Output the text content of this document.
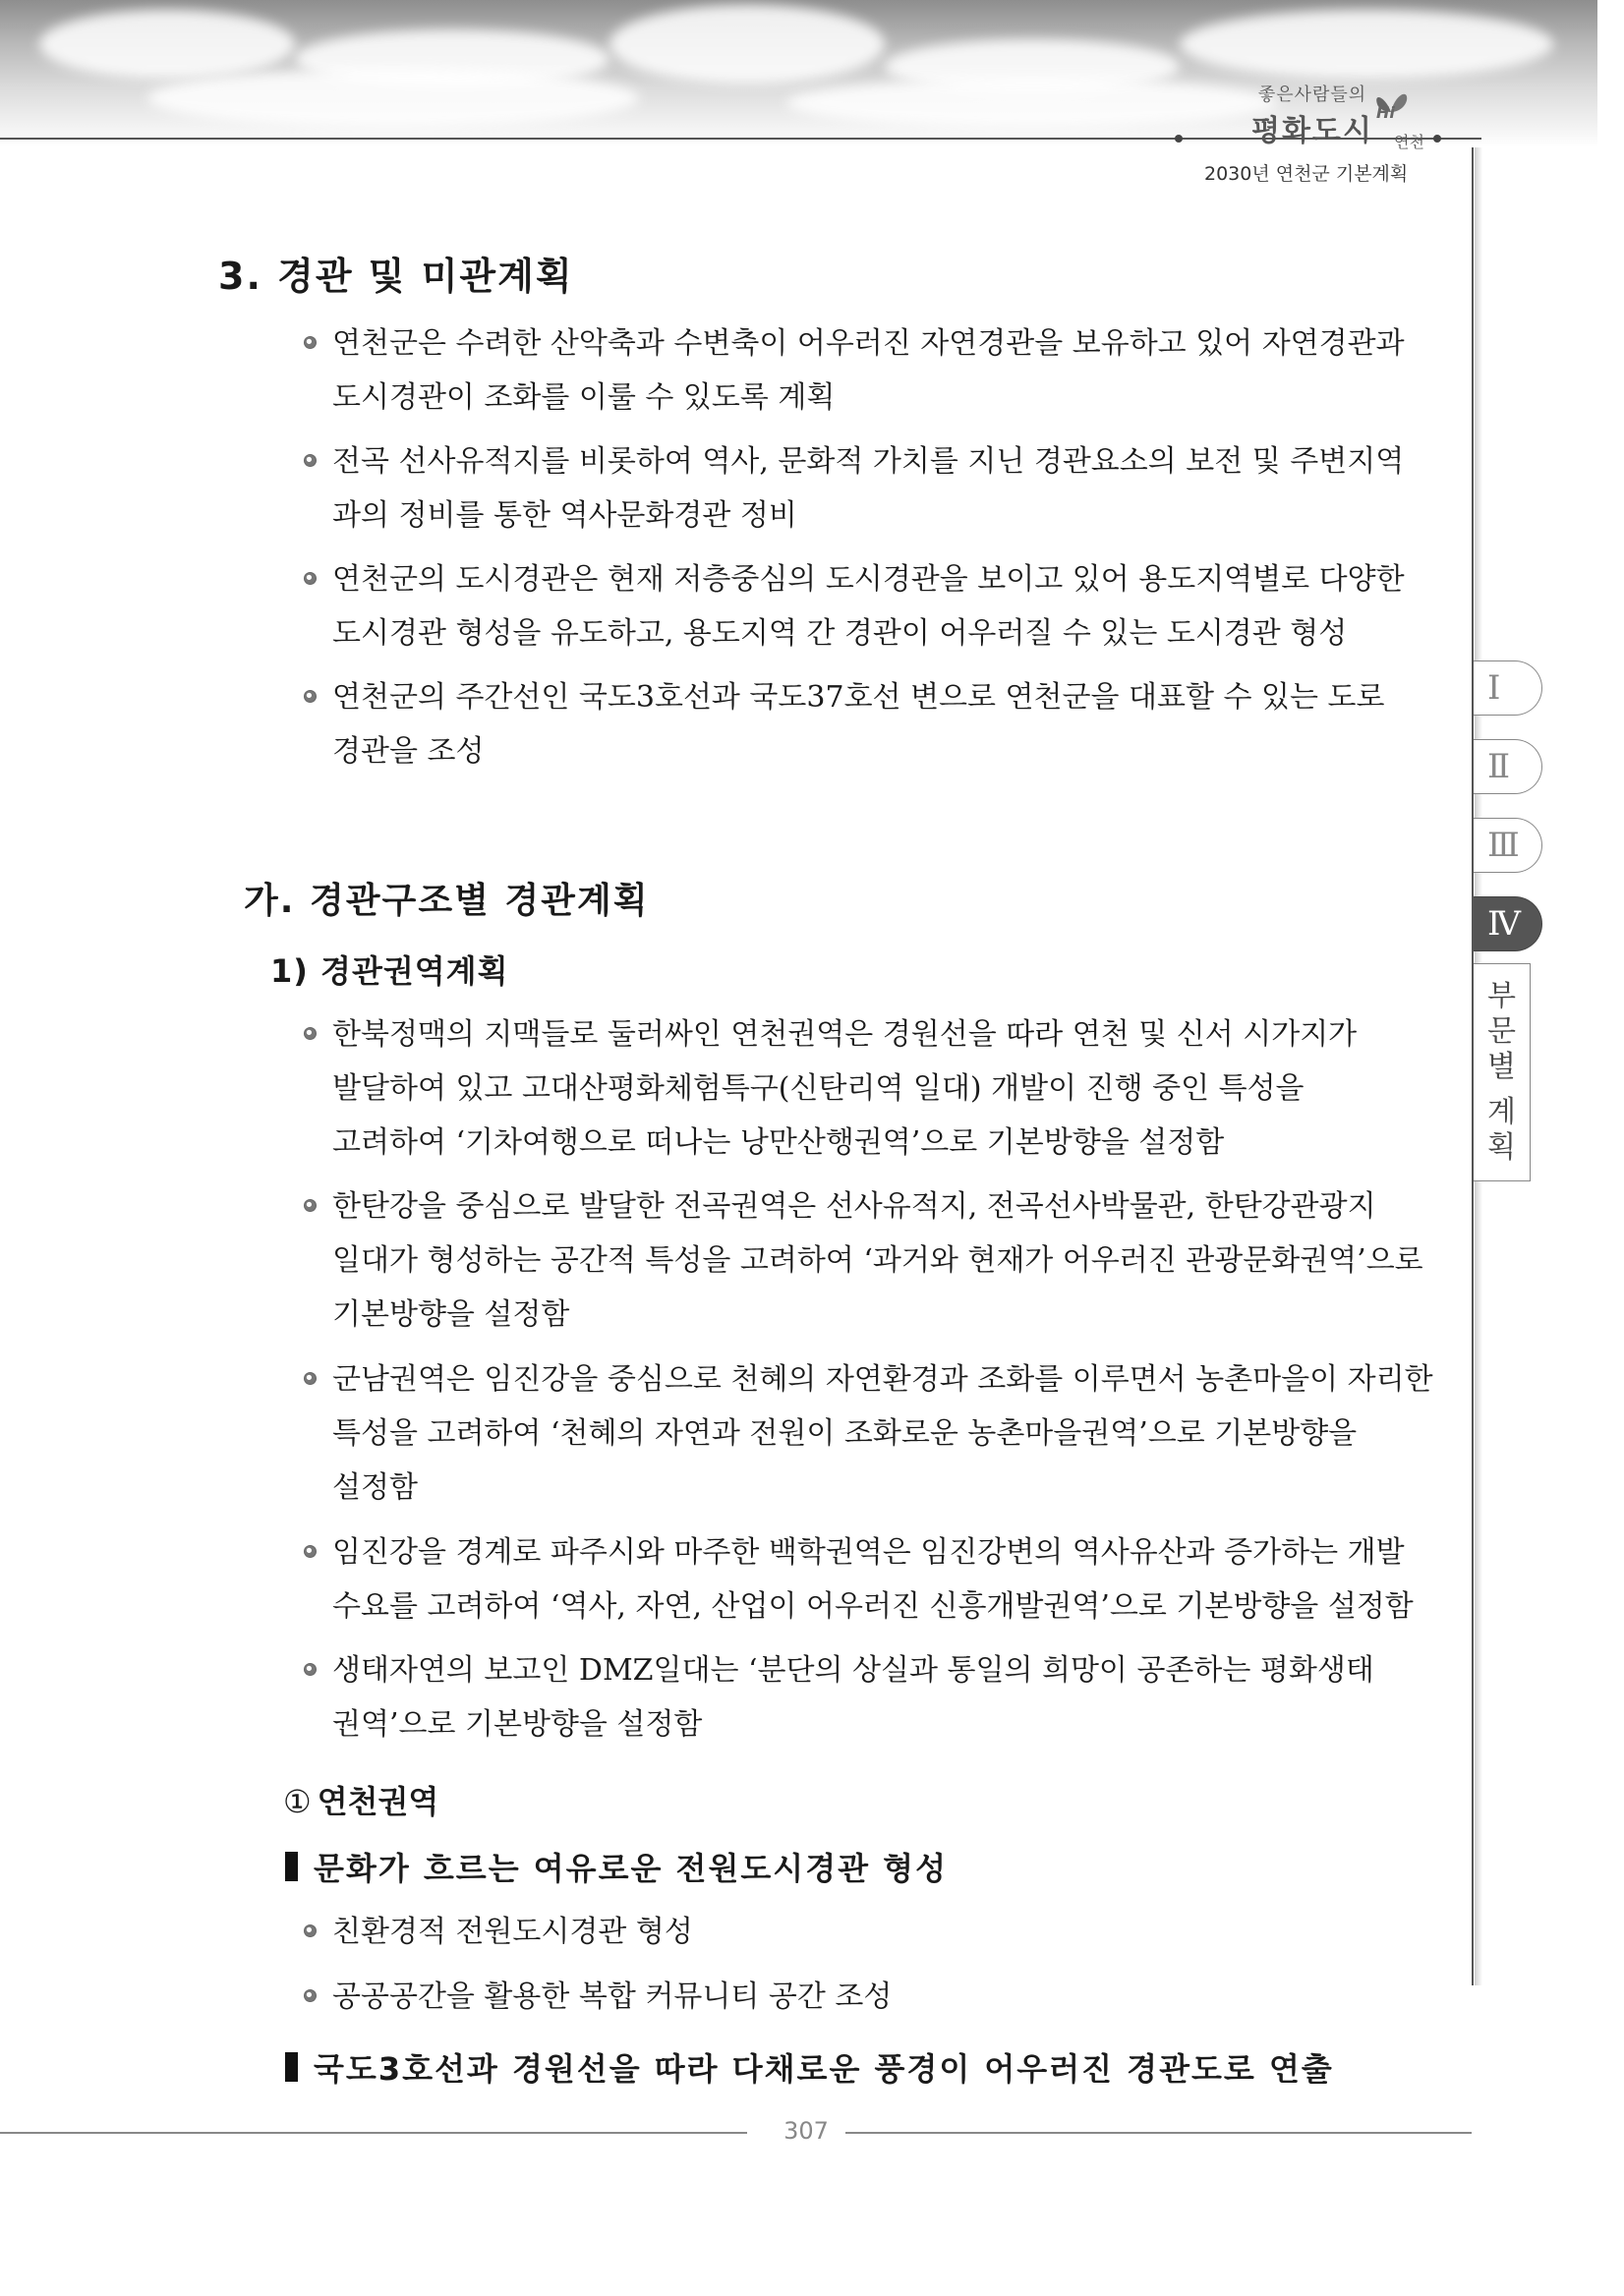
좋은사람들의
평화도시
Hi
연천
2030년 연천군 기본계획
Ⅰ
Ⅱ
Ⅲ
Ⅳ
부
문
별
계
획
3. 경관 및 미관계획
연천군은 수려한 산악축과 수변축이 어우러진 자연경관을 보유하고 있어 자연경관과
도시경관이 조화를 이룰 수 있도록 계획
전곡 선사유적지를 비롯하여 역사, 문화적 가치를 지닌 경관요소의 보전 및 주변지역
과의 정비를 통한 역사문화경관 정비
연천군의 도시경관은 현재 저층중심의 도시경관을 보이고 있어 용도지역별로 다양한
도시경관 형성을 유도하고, 용도지역 간 경관이 어우러질 수 있는 도시경관 형성
연천군의 주간선인 국도3호선과 국도37호선 변으로 연천군을 대표할 수 있는 도로
경관을 조성
가. 경관구조별 경관계획
1) 경관권역계획
한북정맥의 지맥들로 둘러싸인 연천권역은 경원선을 따라 연천 및 신서 시가지가
발달하여 있고 고대산평화체험특구(신탄리역 일대) 개발이 진행 중인 특성을
고려하여 ‘기차여행으로 떠나는 낭만산행권역’으로 기본방향을 설정함
한탄강을 중심으로 발달한 전곡권역은 선사유적지, 전곡선사박물관, 한탄강관광지
일대가 형성하는 공간적 특성을 고려하여 ‘과거와 현재가 어우러진 관광문화권역’으로
기본방향을 설정함
군남권역은 임진강을 중심으로 천혜의 자연환경과 조화를 이루면서 농촌마을이 자리한
특성을 고려하여 ‘천혜의 자연과 전원이 조화로운 농촌마을권역’으로 기본방향을
설정함
임진강을 경계로 파주시와 마주한 백학권역은 임진강변의 역사유산과 증가하는 개발
수요를 고려하여 ‘역사, 자연, 산업이 어우러진 신흥개발권역’으로 기본방향을 설정함
생태자연의 보고인 DMZ일대는 ‘분단의 상실과 통일의 희망이 공존하는 평화생태
권역’으로 기본방향을 설정함
① 연천권역
문화가 흐르는 여유로운 전원도시경관 형성
친환경적 전원도시경관 형성
공공공간을 활용한 복합 커뮤니티 공간 조성
국도3호선과 경원선을 따라 다채로운 풍경이 어우러진 경관도로 연출
307
